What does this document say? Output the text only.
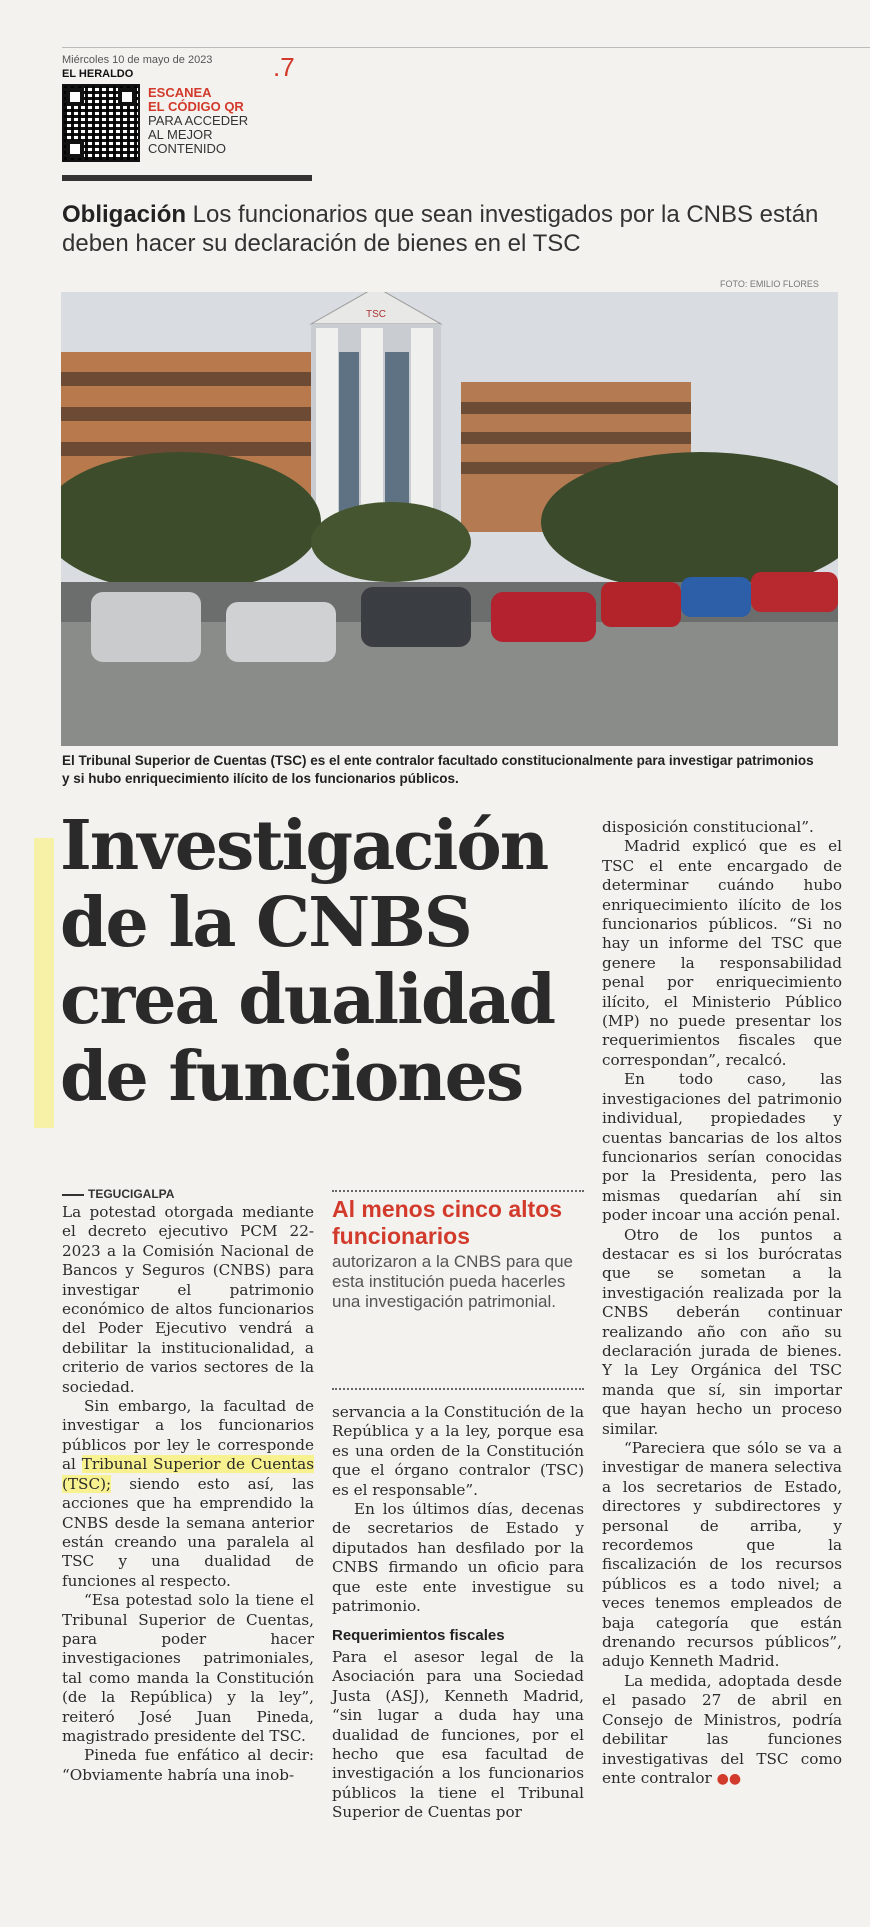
Miércoles 10 de mayo de 2023
EL HERALDO	.7
ESCANEA
EL CÓDIGO QR
PARA ACCEDER
AL MEJOR
CONTENIDO
Obligación Los funcionarios que sean investigados por la CNBS están deben hacer su declaración de bienes en el TSC
FOTO: EMILIO FLORES
TSC
El Tribunal Superior de Cuentas (TSC) es el ente contralor facultado constitucionalmente para investigar patrimonios y si hubo enriquecimiento ilícito de los funcionarios públicos.
Investigación
de la CNBS
crea dualidad
de funciones
TEGUCIGALPA

La potestad otorgada mediante el decreto ejecutivo PCM 22-2023 a la Comisión Nacional de Bancos y Seguros (CNBS) para investigar el patrimonio económico de altos funcionarios del Poder Ejecutivo vendrá a debilitar la institucionalidad, a criterio de varios sectores de la sociedad.

Sin embargo, la facultad de investigar a los funcionarios públicos por ley le corresponde al Tribunal Superior de Cuentas (TSC); siendo esto así, las acciones que ha emprendido la CNBS desde la semana anterior están creando una paralela al TSC y una dualidad de funciones al respecto.

“Esa potestad solo la tiene el Tribunal Superior de Cuentas, para poder hacer investigaciones patrimoniales, tal como manda la Constitución (de la República) y la ley”, reiteró José Juan Pineda, magistrado presidente del TSC.

Pineda fue enfático al decir: “Obviamente habría una inob-

Al menos cinco altos funcionarios
autorizaron a la CNBS para que esta institución pueda hacerles una investigación patrimonial.

servancia a la Constitución de la República y a la ley, porque esa es una orden de la Constitución que el órgano contralor (TSC) es el responsable”.

En los últimos días, decenas de secretarios de Estado y diputados han desfilado por la CNBS firmando un oficio para que este ente investigue su patrimonio.

Requerimientos fiscales

Para el asesor legal de la Asociación para una Sociedad Justa (ASJ), Kenneth Madrid, “sin lugar a duda hay una dualidad de funciones, por el hecho que esa facultad de investigación a los funcionarios públicos la tiene el Tribunal Superior de Cuentas por

disposición constitucional”.

Madrid explicó que es el TSC el ente encargado de determinar cuándo hubo enriquecimiento ilícito de los funcionarios públicos. “Si no hay un informe del TSC que genere la responsabilidad penal por enriquecimiento ilícito, el Ministerio Público (MP) no puede presentar los requerimientos fiscales que correspondan”, recalcó.

En todo caso, las investigaciones del patrimonio individual, propiedades y cuentas bancarias de los altos funcionarios serían conocidas por la Presidenta, pero las mismas quedarían ahí sin poder incoar una acción penal.

Otro de los puntos a destacar es si los burócratas que se sometan a la investigación realizada por la CNBS deberán continuar realizando año con año su declaración jurada de bienes. Y la Ley Orgánica del TSC manda que sí, sin importar que hayan hecho un proceso similar.

“Pareciera que sólo se va a investigar de manera selectiva a los secretarios de Estado, directores y subdirectores y personal de arriba, y recordemos que la fiscalización de los recursos públicos es a todo nivel; a veces tenemos empleados de baja categoría que están drenando recursos públicos”, adujo Kenneth Madrid.

La medida, adoptada desde el pasado 27 de abril en Consejo de Ministros, podría debilitar las funciones investigativas del TSC como ente contralor ●●
